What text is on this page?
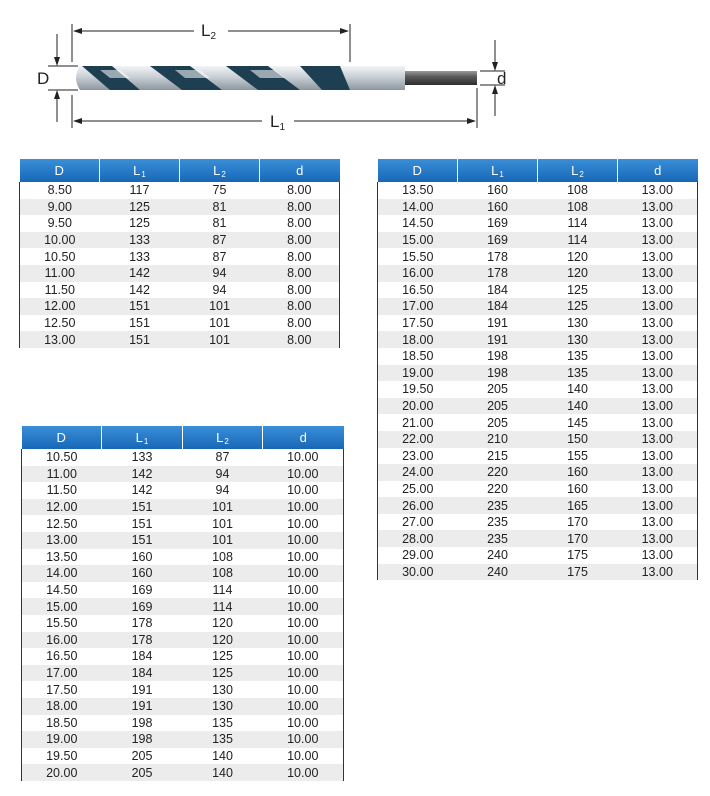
L2
L1
D	d
D	L1	L2	d
8.50	117	75	8.00
9.00	125	81	8.00
9.50	125	81	8.00
10.00	133	87	8.00
10.50	133	87	8.00
11.00	142	94	8.00
11.50	142	94	8.00
12.00	151	101	8.00
12.50	151	101	8.00
13.00	151	101	8.00
D	L1	L2	d
10.50	133	87	10.00
11.00	142	94	10.00
11.50	142	94	10.00
12.00	151	101	10.00
12.50	151	101	10.00
13.00	151	101	10.00
13.50	160	108	10.00
14.00	160	108	10.00
14.50	169	114	10.00
15.00	169	114	10.00
15.50	178	120	10.00
16.00	178	120	10.00
16.50	184	125	10.00
17.00	184	125	10.00
17.50	191	130	10.00
18.00	191	130	10.00
18.50	198	135	10.00
19.00	198	135	10.00
19.50	205	140	10.00
20.00	205	140	10.00
D	L1	L2	d
13.50	160	108	13.00
14.00	160	108	13.00
14.50	169	114	13.00
15.00	169	114	13.00
15.50	178	120	13.00
16.00	178	120	13.00
16.50	184	125	13.00
17.00	184	125	13.00
17.50	191	130	13.00
18.00	191	130	13.00
18.50	198	135	13.00
19.00	198	135	13.00
19.50	205	140	13.00
20.00	205	140	13.00
21.00	205	145	13.00
22.00	210	150	13.00
23.00	215	155	13.00
24.00	220	160	13.00
25.00	220	160	13.00
26.00	235	165	13.00
27.00	235	170	13.00
28.00	235	170	13.00
29.00	240	175	13.00
30.00	240	175	13.00
